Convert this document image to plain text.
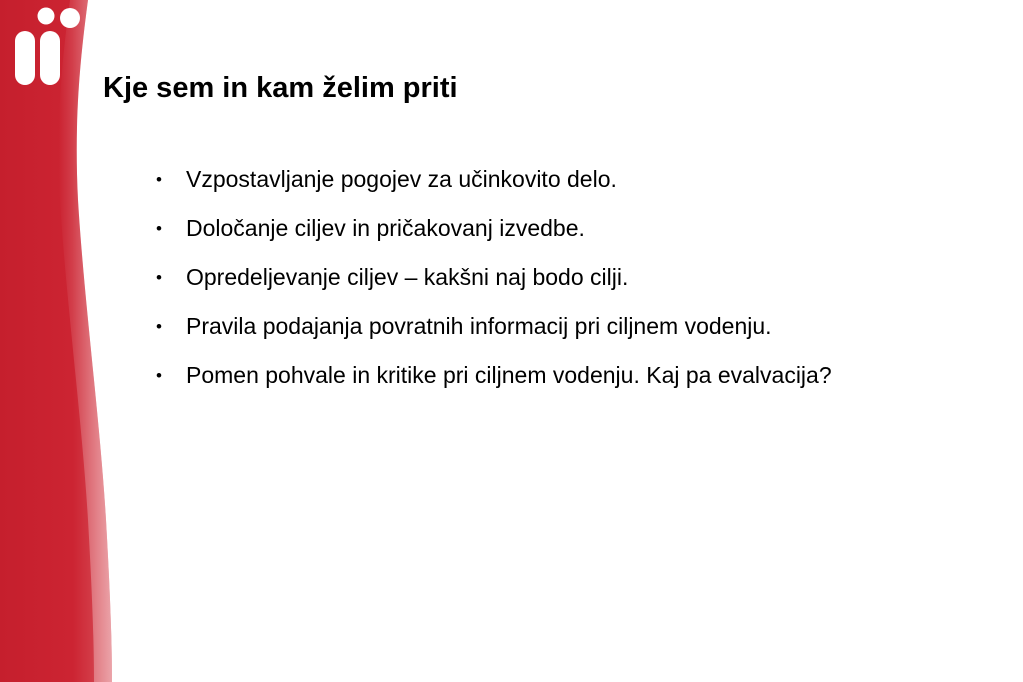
Kje sem in kam želim priti
• Vzpostavljanje pogojev za učinkovito delo.
• Določanje ciljev in pričakovanj izvedbe.
• Opredeljevanje ciljev – kakšni naj bodo cilji.
• Pravila podajanja povratnih informacij pri ciljnem vodenju.
• Pomen pohvale in kritike pri ciljnem vodenju. Kaj pa evalvacija?
